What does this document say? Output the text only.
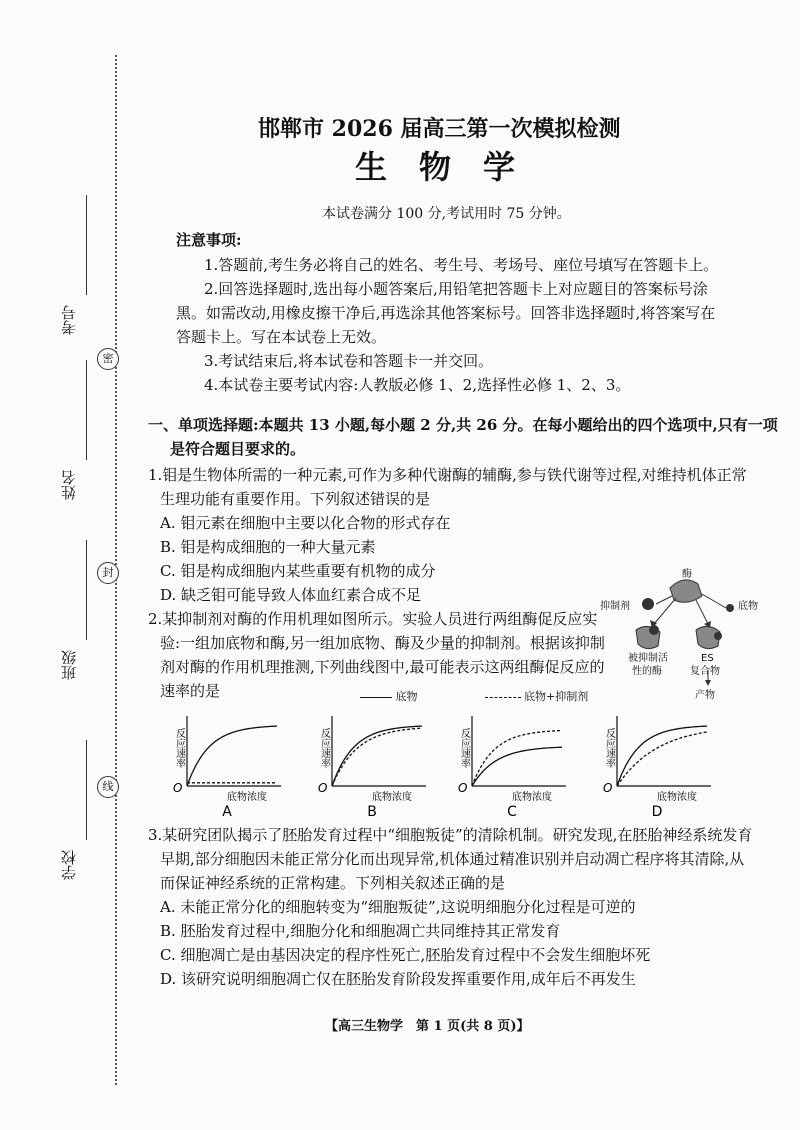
密
封
线
考号
姓名
班级
学校
邯郸市 2026 届高三第一次模拟检测
生　物　学
本试卷满分 100 分,考试用时 75 分钟。
注意事项:
1.答题前,考生务必将自己的姓名、考生号、考场号、座位号填写在答题卡上。
2.回答选择题时,选出每小题答案后,用铅笔把答题卡上对应题目的答案标号涂
黑。如需改动,用橡皮擦干净后,再选涂其他答案标号。回答非选择题时,将答案写在
答题卡上。写在本试卷上无效。
3.考试结束后,将本试卷和答题卡一并交回。
4.本试卷主要考试内容:人教版必修 1、2,选择性必修 1、2、3。
一、单项选择题:本题共 13 小题,每小题 2 分,共 26 分。在每小题给出的四个选项中,只有一项
是符合题目要求的。
1.钼是生物体所需的一种元素,可作为多种代谢酶的辅酶,参与铁代谢等过程,对维持机体正常
生理功能有重要作用。下列叙述错误的是
A. 钼元素在细胞中主要以化合物的形式存在
B. 钼是构成细胞的一种大量元素
C. 钼是构成细胞内某些重要有机物的成分
D. 缺乏钼可能导致人体血红素合成不足
2.某抑制剂对酶的作用机理如图所示。实验人员进行两组酶促反应实
验:一组加底物和酶,另一组加底物、酶及少量的抑制剂。根据该抑制
剂对酶的作用机理推测,下列曲线图中,最可能表示这两组酶促反应的
速率的是
酶
抑制剂	底物
被抑制活
性的酶
ES
复合物
产物
底物	底物+抑制剂
反应速率
底物浓度
O
A
反应速率
底物浓度
O
B
反应速率
底物浓度
O
C
反应速率
底物浓度
O
D
3.某研究团队揭示了胚胎发育过程中“细胞叛徒”的清除机制。研究发现,在胚胎神经系统发育
早期,部分细胞因未能正常分化而出现异常,机体通过精准识别并启动凋亡程序将其清除,从
而保证神经系统的正常构建。下列相关叙述正确的是
A. 未能正常分化的细胞转变为“细胞叛徒”,这说明细胞分化过程是可逆的
B. 胚胎发育过程中,细胞分化和细胞凋亡共同维持其正常发育
C. 细胞凋亡是由基因决定的程序性死亡,胚胎发育过程中不会发生细胞坏死
D. 该研究说明细胞凋亡仅在胚胎发育阶段发挥重要作用,成年后不再发生
【高三生物学　第 1 页(共 8 页)】
